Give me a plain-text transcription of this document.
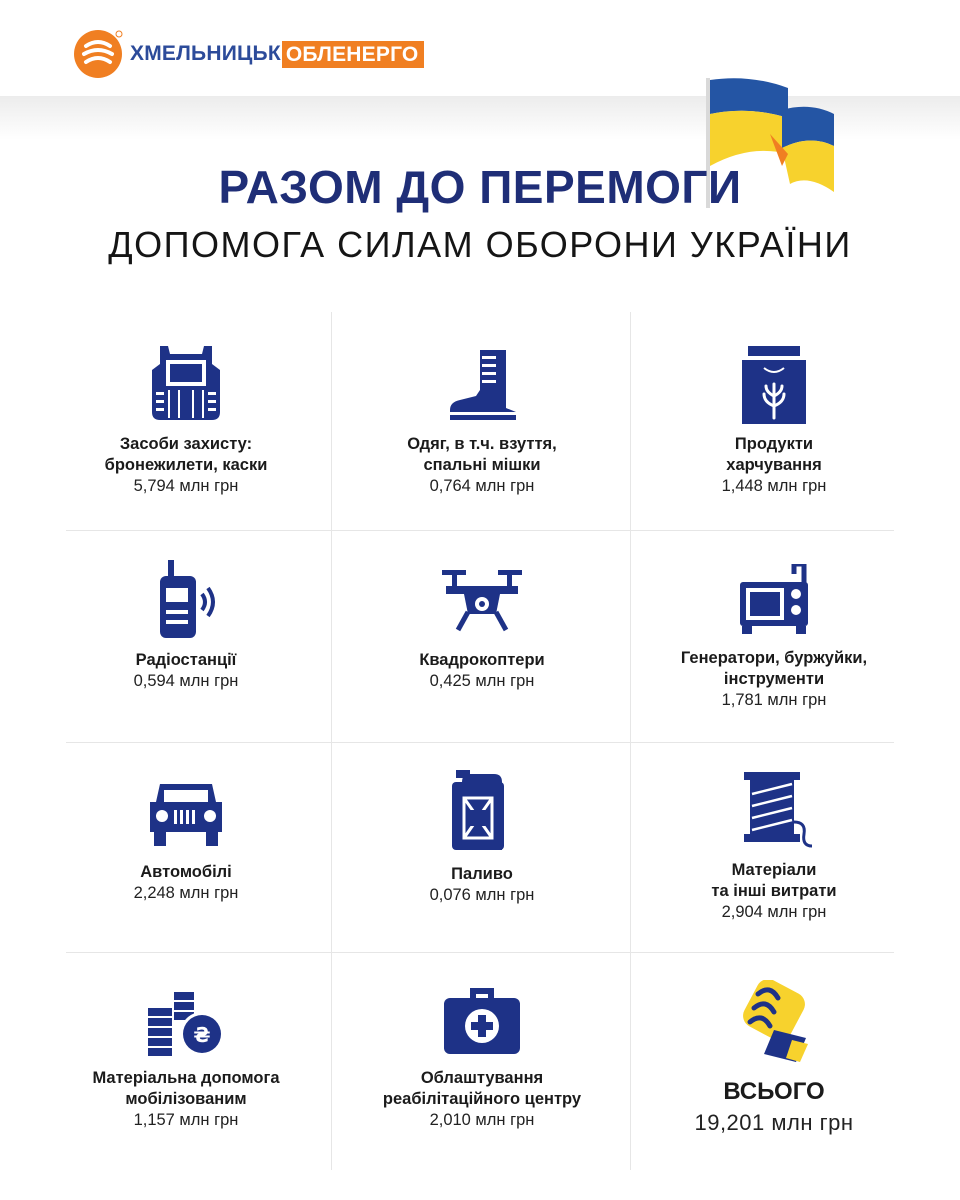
ХМЕЛЬНИЦЬК ОБЛЕНЕРГО
РАЗОМ ДО ПЕРЕМОГИ
ДОПОМОГА СИЛАМ ОБОРОНИ УКРАЇНИ
Засоби захисту:
бронежилети, каски
5,794 млн грн
Одяг, в т.ч. взуття,
спальні мішки
0,764 млн грн
Продукти
харчування
1,448 млн грн
Радіостанції
0,594 млн грн
Квадрокоптери
0,425 млн грн
Генератори, буржуйки,
інструменти
1,781 млн грн
Автомобілі
2,248 млн грн
Паливо
0,076 млн грн
Матеріали
та інші витрати
2,904 млн грн
₴
Матеріальна допомога
мобілізованим
1,157 млн грн
Облаштування
реабілітаційного центру
2,010 млн грн
ВСЬОГО
19,201 млн грн
